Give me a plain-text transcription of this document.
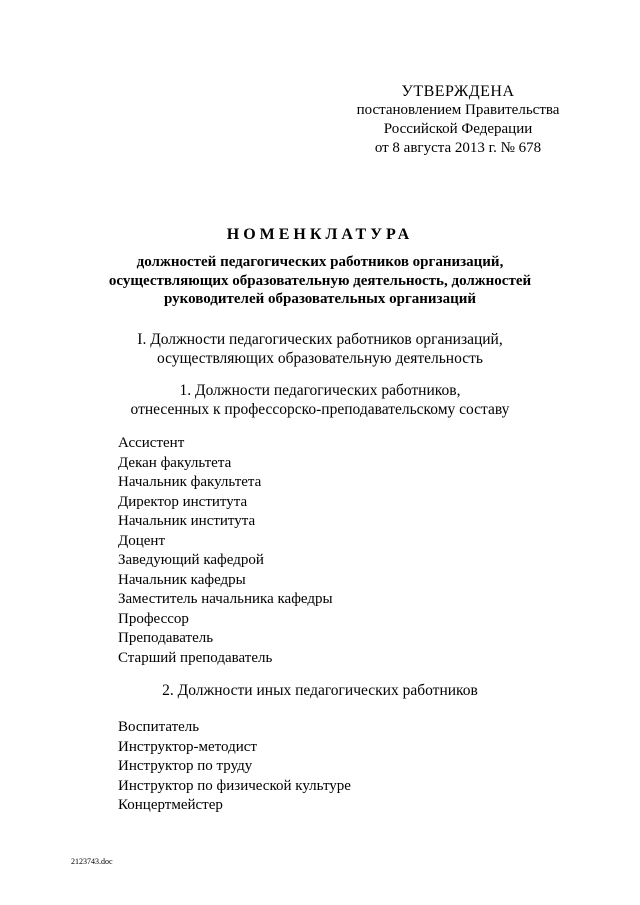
УТВЕРЖДЕНА
постановлением Правительства
Российской Федерации
от 8 августа 2013 г. № 678
НОМЕНКЛАТУРА
должностей педагогических работников организаций,
осуществляющих образовательную деятельность, должностей
руководителей образовательных организаций
I. Должности педагогических работников организаций,
осуществляющих образовательную деятельность
1. Должности педагогических работников,
отнесенных к профессорско-преподавательскому составу
Ассистент
Декан факультета
Начальник факультета
Директор института
Начальник института
Доцент
Заведующий кафедрой
Начальник кафедры
Заместитель начальника кафедры
Профессор
Преподаватель
Старший преподаватель
2. Должности иных педагогических работников
Воспитатель
Инструктор-методист
Инструктор по труду
Инструктор по физической культуре
Концертмейстер
2123743.doc
